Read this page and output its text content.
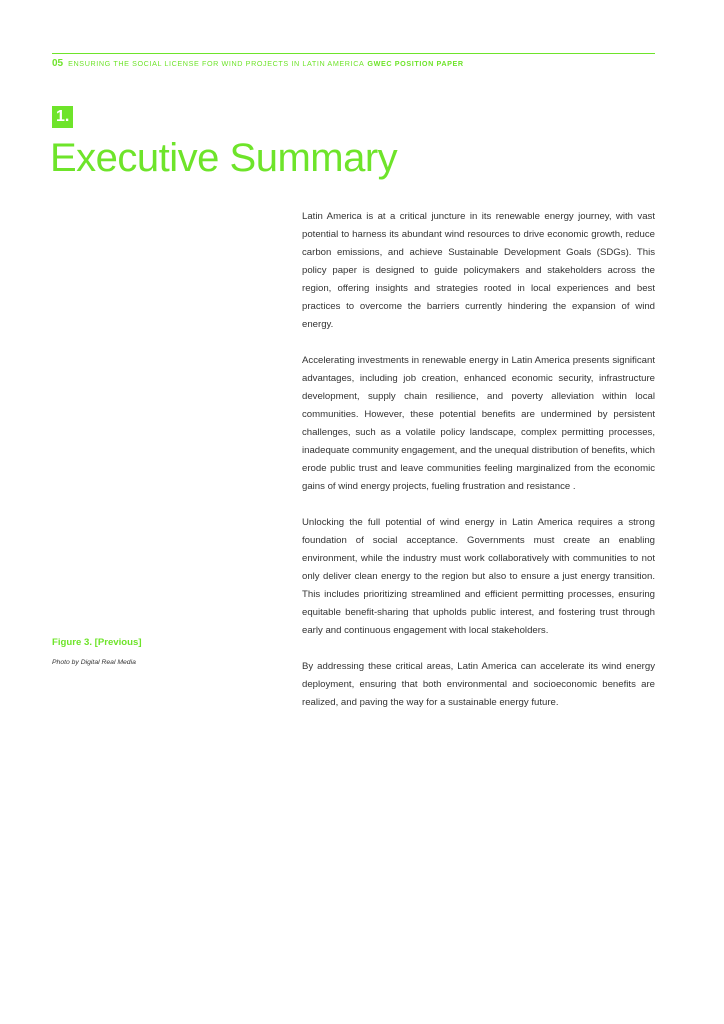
05 ENSURING THE SOCIAL LICENSE FOR WIND PROJECTS IN LATIN AMERICA GWEC POSITION PAPER
1.
Executive Summary

Latin America is at a critical juncture in its renewable energy journey, with vast potential to harness its abundant wind resources to drive economic growth, reduce carbon emissions, and achieve Sustainable Development Goals (SDGs). This policy paper is designed to guide policymakers and stakeholders across the region, offering insights and strategies rooted in local experiences and best practices to overcome the barriers currently hindering the expansion of wind energy.

Accelerating investments in renewable energy in Latin America presents significant advantages, including job creation, enhanced economic security, infrastructure development, supply chain resilience, and poverty alleviation within local communities. However, these potential benefits are undermined by persistent challenges, such as a volatile policy landscape, complex permitting processes, inadequate community engagement, and the unequal distribution of benefits, which erode public trust and leave communities feeling marginalized from the economic gains of wind energy projects, fueling frustration and resistance .

Unlocking the full potential of wind energy in Latin America requires a strong foundation of social acceptance. Governments must create an enabling environment, while the industry must work collaboratively with communities to not only deliver clean energy to the region but also to ensure a just energy transition. This includes prioritizing streamlined and efficient permitting processes, ensuring equitable benefit-sharing that upholds public interest, and fostering trust through early and continuous engagement with local stakeholders.

By addressing these critical areas, Latin America can accelerate its wind energy deployment, ensuring that both environmental and socioeconomic benefits are realized, and paving the way for a sustainable energy future.

Figure 3. [Previous]
Photo by Digital Real Media
